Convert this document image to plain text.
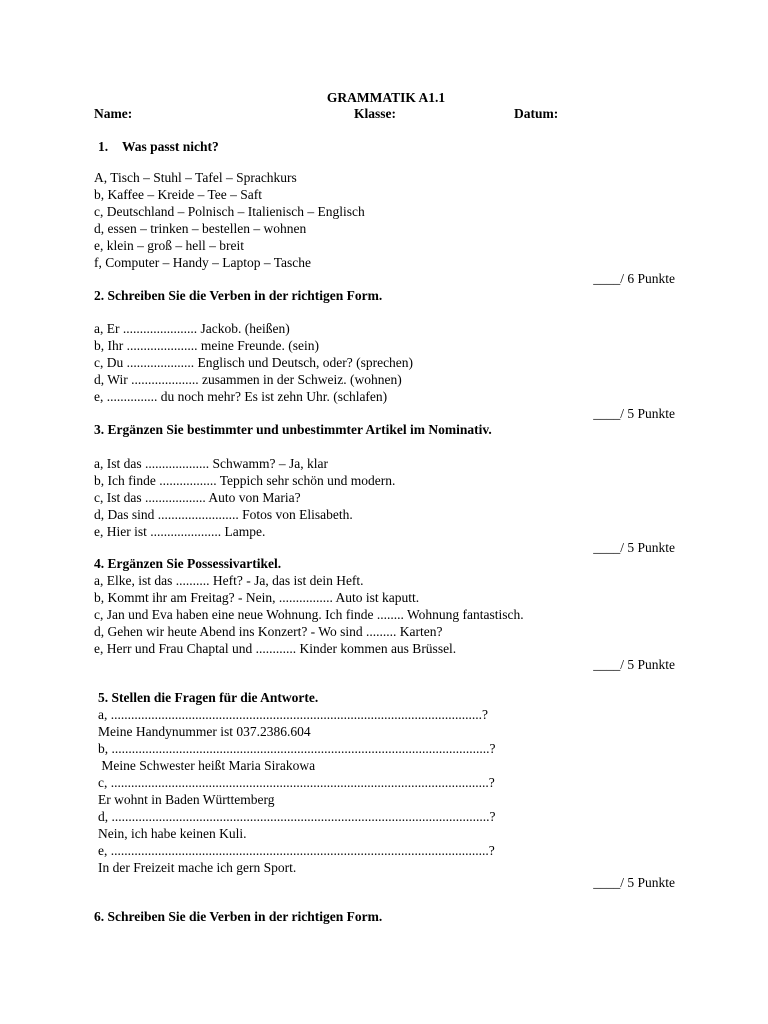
GRAMMATIK A1.1
Name:	Klasse:	Datum:
1. Was passt nicht?
A, Tisch – Stuhl – Tafel – Sprachkurs
b, Kaffee – Kreide – Tee – Saft
c, Deutschland – Polnisch – Italienisch – Englisch
d, essen – trinken – bestellen – wohnen
e, klein – groß – hell – breit
f, Computer – Handy – Laptop – Tasche
____/ 6 Punkte
2. Schreiben Sie die Verben in der richtigen Form.
a, Er ...................... Jackob. (heißen)
b, Ihr ..................... meine Freunde. (sein)
c, Du .................... Englisch und Deutsch, oder? (sprechen)
d, Wir .................... zusammen in der Schweiz. (wohnen)
e, ............... du noch mehr? Es ist zehn Uhr. (schlafen)
____/ 5 Punkte
3. Ergänzen Sie bestimmter und unbestimmter Artikel im Nominativ.
a, Ist das ................... Schwamm? – Ja, klar
b, Ich finde ................. Teppich sehr schön und modern.
c, Ist das .................. Auto von Maria?
d, Das sind ........................ Fotos von Elisabeth.
e, Hier ist ..................... Lampe.
____/ 5 Punkte
4. Ergänzen Sie Possessivartikel.
a, Elke, ist das .......... Heft? - Ja, das ist dein Heft.
b, Kommt ihr am Freitag? - Nein, ................ Auto ist kaputt.
c, Jan und Eva haben eine neue Wohnung. Ich finde ........ Wohnung fantastisch.
d, Gehen wir heute Abend ins Konzert? - Wo sind ......... Karten?
e, Herr und Frau Chaptal und ............ Kinder kommen aus Brüssel.
____/ 5 Punkte
5. Stellen die Fragen für die Antworte.
a, ..............................................................................................................?
Meine Handynummer ist 037.2386.604
b, ................................................................................................................?
Meine Schwester heißt Maria Sirakowa
c, ................................................................................................................?
Er wohnt in Baden Württemberg
d, ................................................................................................................?
Nein, ich habe keinen Kuli.
e, ................................................................................................................?
In der Freizeit mache ich gern Sport.
____/ 5 Punkte
6. Schreiben Sie die Verben in der richtigen Form.
